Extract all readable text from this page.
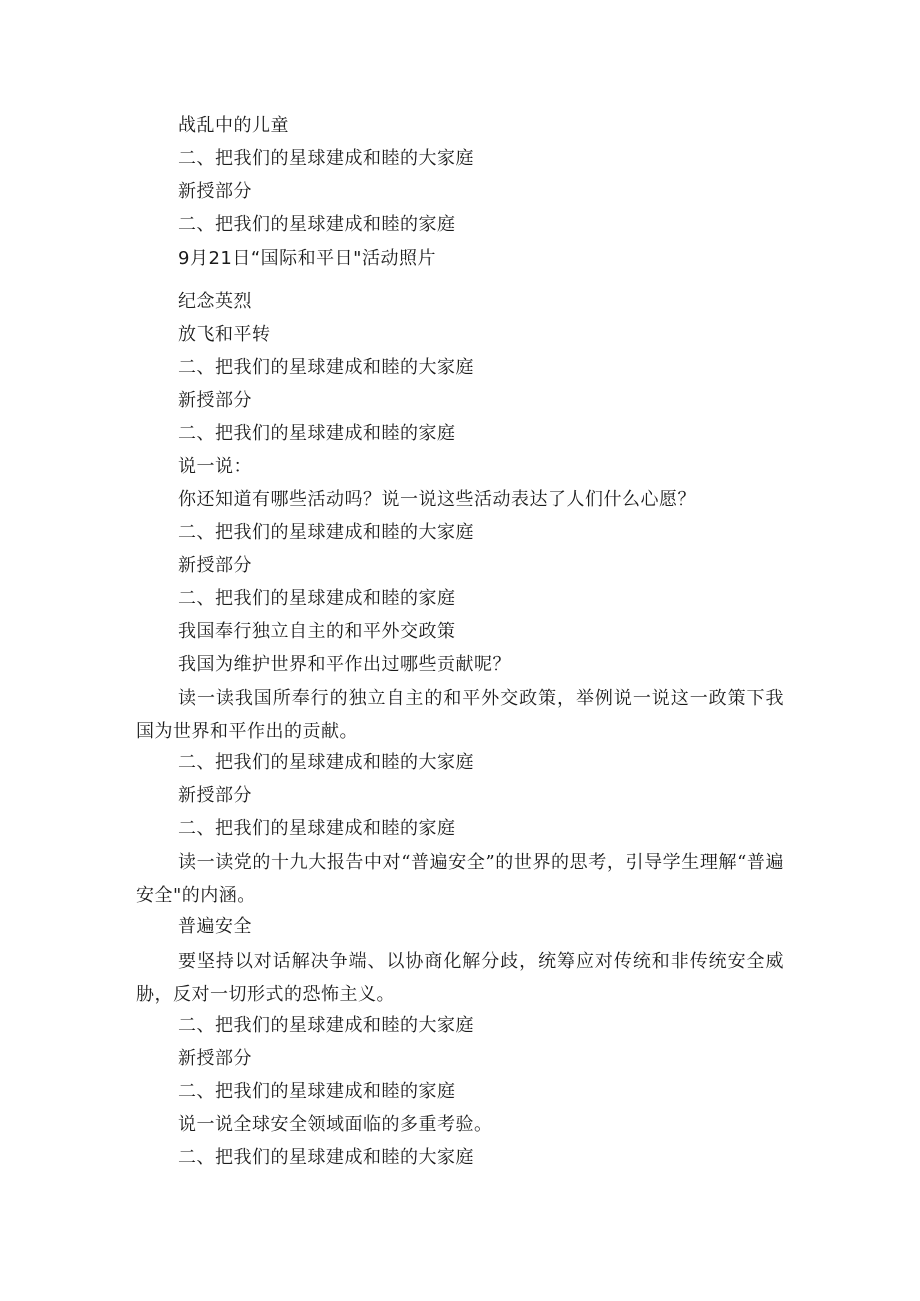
战乱中的儿童
二、把我们的星球建成和睦的大家庭
新授部分
二、把我们的星球建成和睦的家庭
9月21日“国际和平日"活动照片
纪念英烈
放飞和平转
二、把我们的星球建成和睦的大家庭
新授部分
二、把我们的星球建成和睦的家庭
说一说：
你还知道有哪些活动吗？说一说这些活动表达了人们什么心愿？
二、把我们的星球建成和睦的大家庭
新授部分
二、把我们的星球建成和睦的家庭
我国奉行独立自主的和平外交政策
我国为维护世界和平作出过哪些贡献呢？
读一读我国所奉行的独立自主的和平外交政策，举例说一说这一政策下我国为世界和平作出的贡献。
二、把我们的星球建成和睦的大家庭
新授部分
二、把我们的星球建成和睦的家庭
读一读党的十九大报告中对“普遍安全”的世界的思考，引导学生理解“普遍安全"的内涵。
普遍安全
要坚持以对话解决争端、以协商化解分歧，统筹应对传统和非传统安全威胁，反对一切形式的恐怖主义。
二、把我们的星球建成和睦的大家庭
新授部分
二、把我们的星球建成和睦的家庭
说一说全球安全领域面临的多重考验。
二、把我们的星球建成和睦的大家庭
